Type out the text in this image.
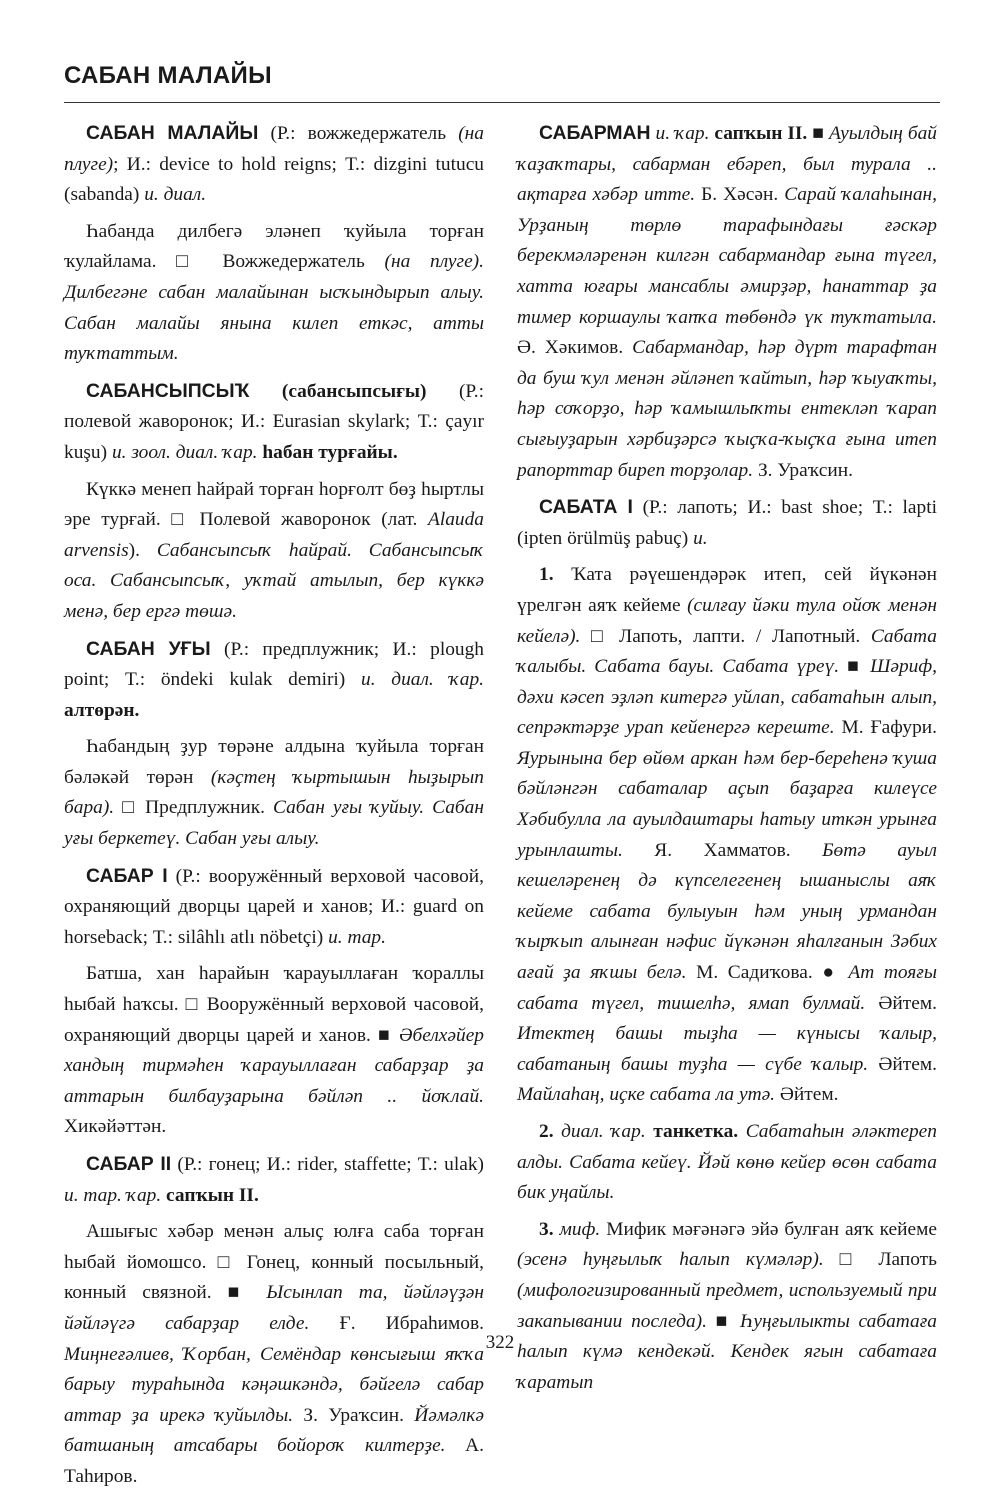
САБАН МАЛАЙЫ

САБАН МАЛАЙЫ (Р.: вожжедержатель (на плуге); И.: device to hold reigns; Т.: dizgini tutucu (sabanda) и. диал.

Һабанда дилбегә эләнеп ҡуйыла торған ҡулайлама. □ Вожжедержатель (на плуге). Дилбегәне сабан малайынан ысҡындырып алыу. Сабан малайы янына килеп еткәс, атты туҡтаттым.

САБАНСЫПСЫҠ (сабансыпсығы) (Р.: полевой жаворонок; И.: Eurasian skylark; Т.: çayır kuşu) и. зоол. диал. ҡар. һабан турғайы.

Күккә менеп һайрай торған һорғолт бөҙ һыртлы эре турғай. □ Полевой жаворонок (лат. Alauda arvensis). Сабансыпсыҡ һайрай. Сабансыпсыҡ оса. Сабансыпсыҡ, уҡтай атылып, бер күккә менә, бер ергә төшә.

САБАН УҒЫ (Р.: предплужник; И.: plough point; Т.: öndeki kulak demiri) и. диал. ҡар. алтөрән.

Һабандың ҙур төрәне алдына ҡуйыла торған бәләкәй төрән (кәҫтең ҡыртышын һыҙырып бара). □ Предплужник. Сабан уғы ҡуйыу. Сабан уғы беркетеү. Сабан уғы алыу.

САБАР I (Р.: вооружённый верховой часовой, охраняющий дворцы царей и ханов; И.: guard on horseback; Т.: silâhlı atlı nöbetçi) и. тар.

Батша, хан һарайын ҡарауыллаған ҡораллы һыбай һаҡсы. □ Вооружённый верховой часовой, охраняющий дворцы царей и ханов. ■ Әбелхәйер хандың тирмәһен ҡарауыллаған сабарҙар ҙа аттарын билбауҙарына бәйләп .. йоҡлай. Хикәйәттән.

САБАР II (Р.: гонец; И.: rider, staffette; Т.: ulak) и. тар. ҡар. сапҡын II.

Ашығыс хәбәр менән алыҫ юлға саба торған һыбай йомошсо. □ Гонец, конный посыльный, конный связной. ■ Ысынлап та, йәйләүҙән йәйләүгә сабарҙар елде. Ғ. Ибраһимов. Миңнеғәлиев, Ҡорбан, Семёндар көнсығыш яҡҡа барыу тураһында кәңәшкәндә, бәйгелә сабар аттар ҙа ирекә ҡуйылды. З. Ураҡсин. Йәмәлкә батшаның атсабары бойороҡ килтерҙе. А. Таһиров.

САБАРМАН и. ҡар. сапҡын II. ■ Ауылдың бай ҡаҙаҡтары, сабарман ебәреп, был турала .. ақтарға хәбәр итте. Б. Хәсән. Сарай ҡалаһынан, Урҙаның төрлө тарафындағы ғәскәр берекмәләренән килгән сабармандар ғына түгел, хатта юғары мансаблы әмирҙәр, һанаттар ҙа тимер коршаулы ҡапҡа төбөндә үк туҡтатыла. Ә. Хәкимов. Сабармандар, һәр дүрт тарафтан да буш ҡул менән әйләнеп ҡайтып, һәр ҡыуаҡты, һәр соҡорҙо, һәр ҡамышлыҡты ентекләп ҡарап сығыуҙарын хәрбиҙәрсә ҡыҫҡа-ҡыҫҡа ғына итеп рапорттар биреп торҙолар. З. Ураҡсин.

САБАТА I (Р.: лапоть; И.: bast shoe; Т.: lapti (ipten örülmüş pabuç) и.

1. Ҡата рәүешендәрәк итеп, сей йүкәнән үрелгән аяҡ кейеме (силғау йәки тула ойоҡ менән кейелә). □ Лапоть, лапти. / Лапотный. Сабата ҡалыбы. Сабата бауы. Сабата үреү. ■ Шәриф, дәхи кәсеп эҙләп китергә уйлап, сабатаһын алып, сепрәктәрҙе урап кейенергә кереште. М. Ғафури. Яурынына бер өйөм аркан һәм бер-береһенә ҡуша бәйләнгән сабаталар аҫып баҙарға килеүсе Хәбибулла ла ауылдаштары һатыу иткән урынға урынлашты. Я. Хамматов. Бөтә ауыл кешеләренең дә күпселегенең ышаныслы аяҡ кейеме сабата булыуын һәм уның урмандан ҡырҡып алынған нәфис йүкәнән яһалғанын Зәбих ағай ҙа яҡшы белә. М. Садиҡова. ● Ат тояғы сабата түгел, тишелһә, ямап булмай. Әйтем. Итектең башы тыҙһа — күнысы ҡалыр, сабатаның башы туҙһа — сүбе ҡалыр. Әйтем. Майлаһаң, иҫке сабата ла утә. Әйтем.

2. диал. ҡар. танкетка. Сабатаһын әләктереп алды. Сабата кейеү. Йәй көнө кейер өсөн сабата бик уңайлы.

3. миф. Мифик мәғәнәгә эйә булған аяҡ кейеме (эсенә һуңғылыҡ һалып күмәләр). □ Лапоть (мифологизированный предмет, используемый при закапывании последа). ■ Һуңғылыкты сабатаға һалып күмә кендекәй. Кендек ягын сабатаға ҡаратып

322
